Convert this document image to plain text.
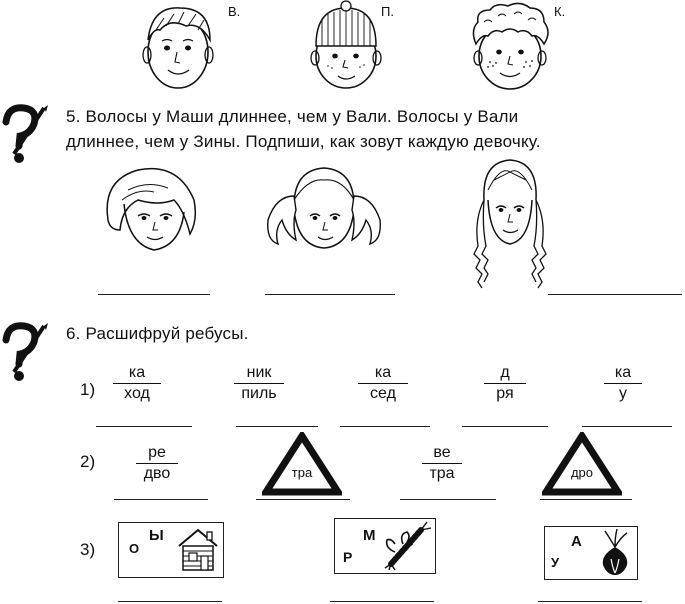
В.	П.	К.
5. Волосы у Маши длиннее, чем у Вали. Волосы у Вали
длиннее, чем у Зины. Подпиши, как зовут каждую девочку.
6. Расшифруй ребусы.
1)
ка
ход
ник
пиль
ка
сед
д
ря
ка
у
2)	ре
дво	тра
ве
тра	дро
3)	О
Ы
Р
М
У
А
